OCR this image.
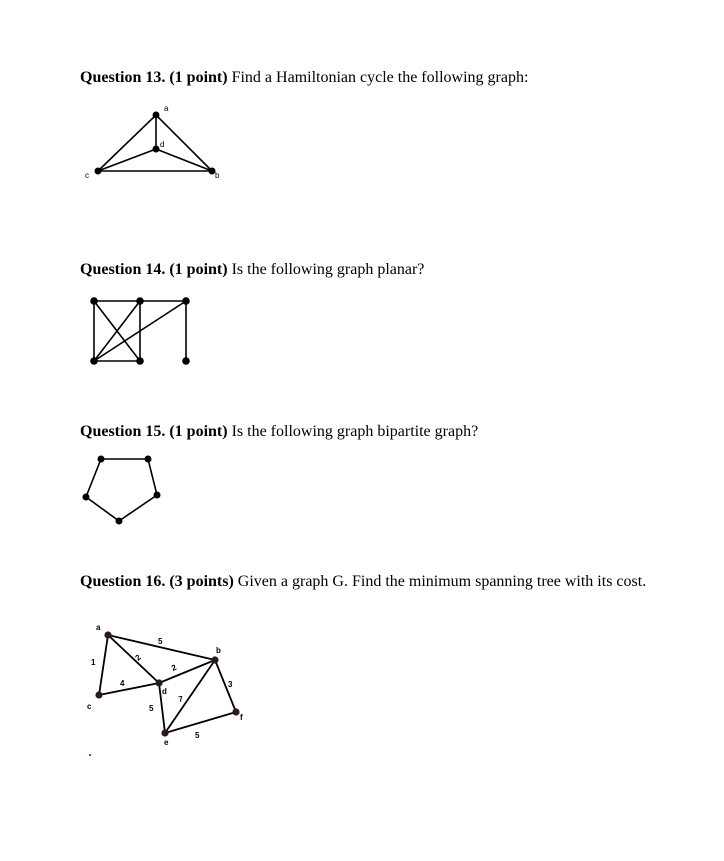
Question 13. (1 point) Find a Hamiltonian cycle the following graph:
a
b
c
d
Question 14. (1 point) Is the following graph planar?
Question 15. (1 point) Is the following graph bipartite graph?
Question 16. (3 points) Given a graph G. Find the minimum spanning tree with its cost.
a
b
c
d
e
f
5
1	2
4
2
5
7
3
5
